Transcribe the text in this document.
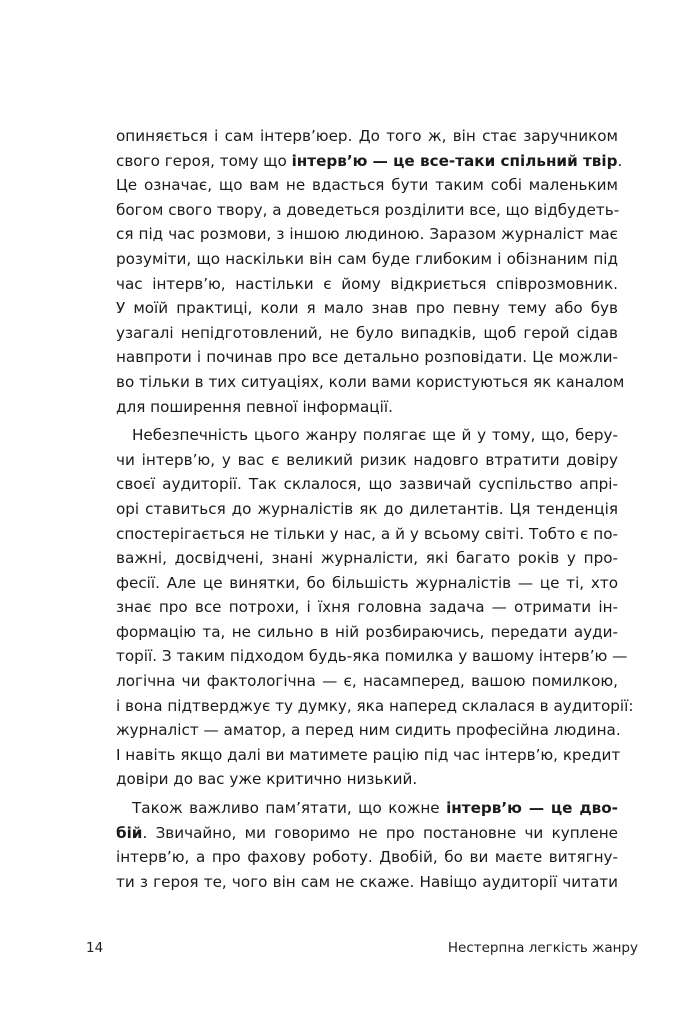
опиняється і сам інтерв’юер. До того ж, він стає заручником
свого героя, тому що інтерв’ю — це все-таки спільний твір.
Це означає, що вам не вдасться бути таким собі маленьким
богом свого твору, а доведеться розділити все, що відбудеть-
ся під час розмови, з іншою людиною. Заразом журналіст має
розуміти, що наскільки він сам буде глибоким і обізнаним під
час інтерв’ю, настільки є йому відкриється співрозмовник.
У моїй практиці, коли я мало знав про певну тему або був
узагалі непідготовлений, не було випадків, щоб герой сідав
навпроти і починав про все детально розповідати. Це можли-
во тільки в тих ситуаціях, коли вами користуються як каналом
для поширення певної інформації.
Небезпечність цього жанру полягає ще й у тому, що, беру-
чи інтерв’ю, у вас є великий ризик надовго втратити довіру
своєї аудиторії. Так склалося, що зазвичай суспільство апрі-
орі ставиться до журналістів як до дилетантів. Ця тенденція
спостерігається не тільки у нас, а й у всьому світі. Тобто є по-
важні, досвідчені, знані журналісти, які багато років у про-
фесії. Але це винятки, бо більшість журналістів — це ті, хто
знає про все потрохи, і їхня головна задача — отримати ін-
формацію та, не сильно в ній розбираючись, передати ауди-
торії. З таким підходом будь-яка помилка у вашому інтерв’ю —
логічна чи фактологічна — є, насамперед, вашою помилкою,
і вона підтверджує ту думку, яка наперед склалася в аудиторії:
журналіст — аматор, а перед ним сидить професійна людина.
І навіть якщо далі ви матимете рацію під час інтерв’ю, кредит
довіри до вас уже критично низький.
Також важливо пам’ятати, що кожне інтерв’ю — це дво-
бій. Звичайно, ми говоримо не про постановне чи куплене
інтерв’ю, а про фахову роботу. Двобій, бо ви маєте витягну-
ти з героя те, чого він сам не скаже. Навіщо аудиторії читати
14	Нестерпна легкість жанру
